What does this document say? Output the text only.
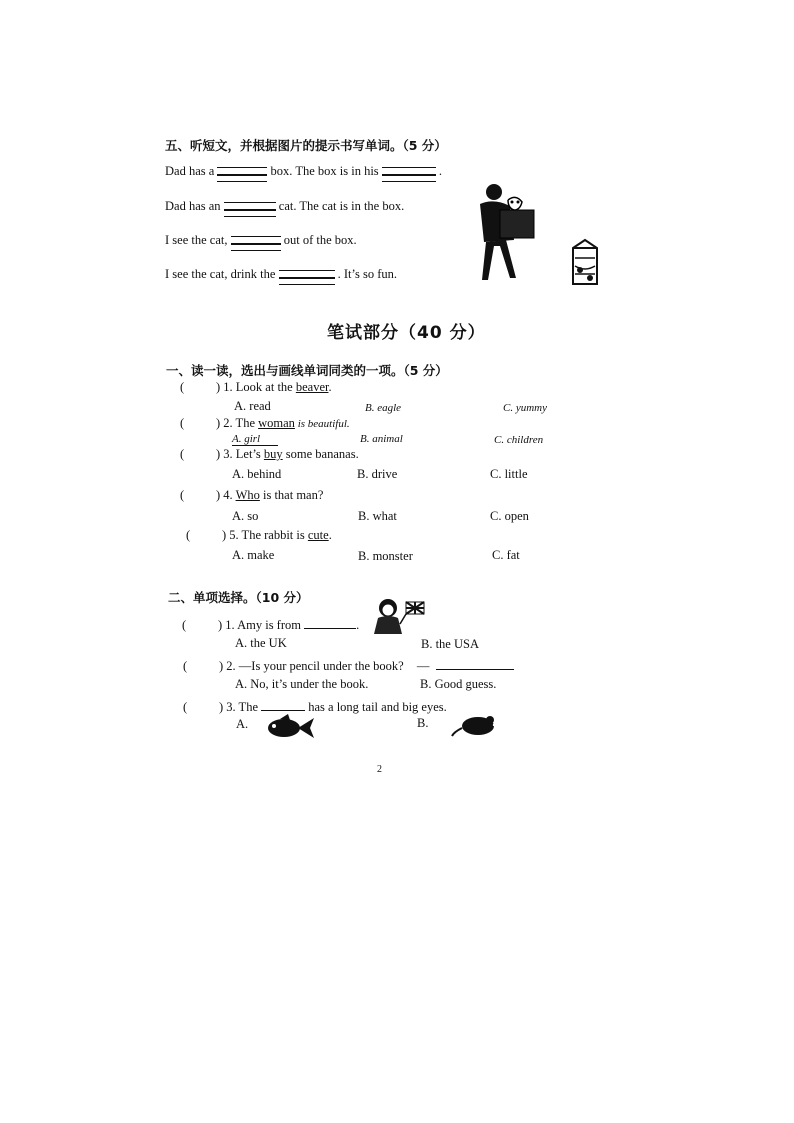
五、听短文，并根据图片的提示书写单词。（5 分）
Dad has a	box. The box is in his	.
Dad has an	cat. The cat is in the box.
I see the cat,	out of the box.
I see the cat, drink the	. It’s so fun.
笔试部分（40 分）
一、读一读，选出与画线单词同类的一项。（5 分）
(	) 1. Look at the beaver.
A. read	B. eagle	C. yummy
(	) 2. The woman is beautiful.
A. girl	B. animal	C. children
(	) 3. Let’s buy some bananas.
A. behind	B. drive	C. little
(	) 4. Who is that man?
A. so	B. what	C. open
(	) 5. The rabbit is cute.
A. make	B. monster	C. fat
二、单项选择。（10 分）
(	) 1. Amy is from	.
A. the UK	B. the USA
(	) 2. —Is your pencil under the book? —
A. No, it’s under the book.	B. Good guess.
(	) 3. The	has a long tail and big eyes.
A.	B.
2
